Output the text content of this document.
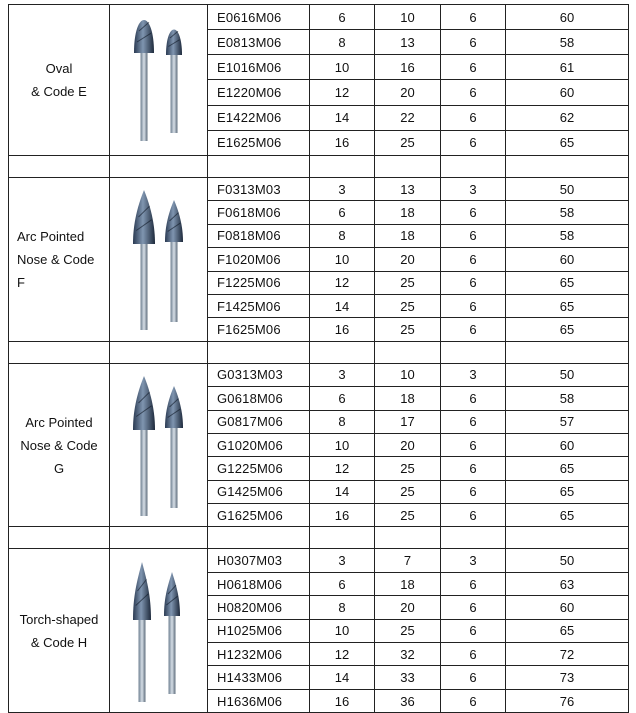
Oval
& Code E		E0616M06	6	10	6	60
		E0813M06	8	13	6	58
		E1016M06	10	16	6	61
		E1220M06	12	20	6	60
		E1422M06	14	22	6	62
		E1625M06	16	25	6	65

Arc Pointed
Nose & Code
F		F0313M03	3	13	3	50
		F0618M06	6	18	6	58
		F0818M06	8	18	6	58
		F1020M06	10	20	6	60
		F1225M06	12	25	6	65
		F1425M06	14	25	6	65
		F1625M06	16	25	6	65

Arc Pointed
Nose & Code
G		G0313M03	3	10	3	50
		G0618M06	6	18	6	58
		G0817M06	8	17	6	57
		G1020M06	10	20	6	60
		G1225M06	12	25	6	65
		G1425M06	14	25	6	65
		G1625M06	16	25	6	65

Torch-shaped
& Code H		H0307M03	3	7	3	50
		H0618M06	6	18	6	63
		H0820M06	8	20	6	60
		H1025M06	10	25	6	65
		H1232M06	12	32	6	72
		H1433M06	14	33	6	73
		H1636M06	16	36	6	76
